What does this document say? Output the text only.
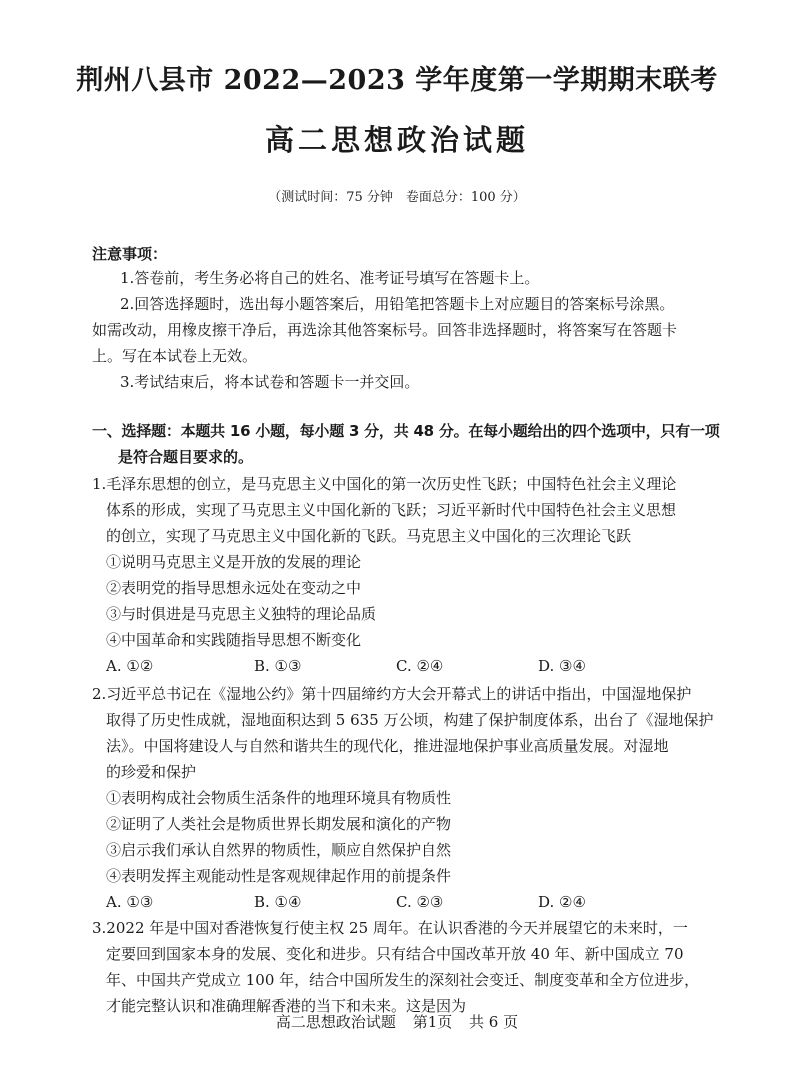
荆州八县市 2022—2023 学年度第一学期期末联考
高二思想政治试题
（测试时间：75 分钟　卷面总分：100 分）
注意事项：
1.答卷前，考生务必将自己的姓名、准考证号填写在答题卡上。
2.回答选择题时，选出每小题答案后，用铅笔把答题卡上对应题目的答案标号涂黑。
如需改动，用橡皮擦干净后，再选涂其他答案标号。回答非选择题时，将答案写在答题卡
上。写在本试卷上无效。
3.考试结束后，将本试卷和答题卡一并交回。
一、选择题：本题共 16 小题，每小题 3 分，共 48 分。在每小题给出的四个选项中，只有一项
是符合题目要求的。
1.毛泽东思想的创立，是马克思主义中国化的第一次历史性飞跃；中国特色社会主义理论
体系的形成，实现了马克思主义中国化新的飞跃；习近平新时代中国特色社会主义思想
的创立，实现了马克思主义中国化新的飞跃。马克思主义中国化的三次理论飞跃
①说明马克思主义是开放的发展的理论
②表明党的指导思想永远处在变动之中
③与时俱进是马克思主义独特的理论品质
④中国革命和实践随指导思想不断变化
A. ①②	B. ①③	C. ②④	D. ③④
2.习近平总书记在《湿地公约》第十四届缔约方大会开幕式上的讲话中指出，中国湿地保护
取得了历史性成就，湿地面积达到 5 635 万公顷，构建了保护制度体系，出台了《湿地保护
法》。中国将建设人与自然和谐共生的现代化，推进湿地保护事业高质量发展。对湿地
的珍爱和保护
①表明构成社会物质生活条件的地理环境具有物质性
②证明了人类社会是物质世界长期发展和演化的产物
③启示我们承认自然界的物质性，顺应自然保护自然
④表明发挥主观能动性是客观规律起作用的前提条件
A. ①③	B. ①④	C. ②③	D. ②④
3.2022 年是中国对香港恢复行使主权 25 周年。在认识香港的今天并展望它的未来时，一
定要回到国家本身的发展、变化和进步。只有结合中国改革开放 40 年、新中国成立 70
年、中国共产党成立 100 年，结合中国所发生的深刻社会变迁、制度变革和全方位进步，
才能完整认识和准确理解香港的当下和未来。这是因为
高二思想政治试题 第1页 共 6 页
